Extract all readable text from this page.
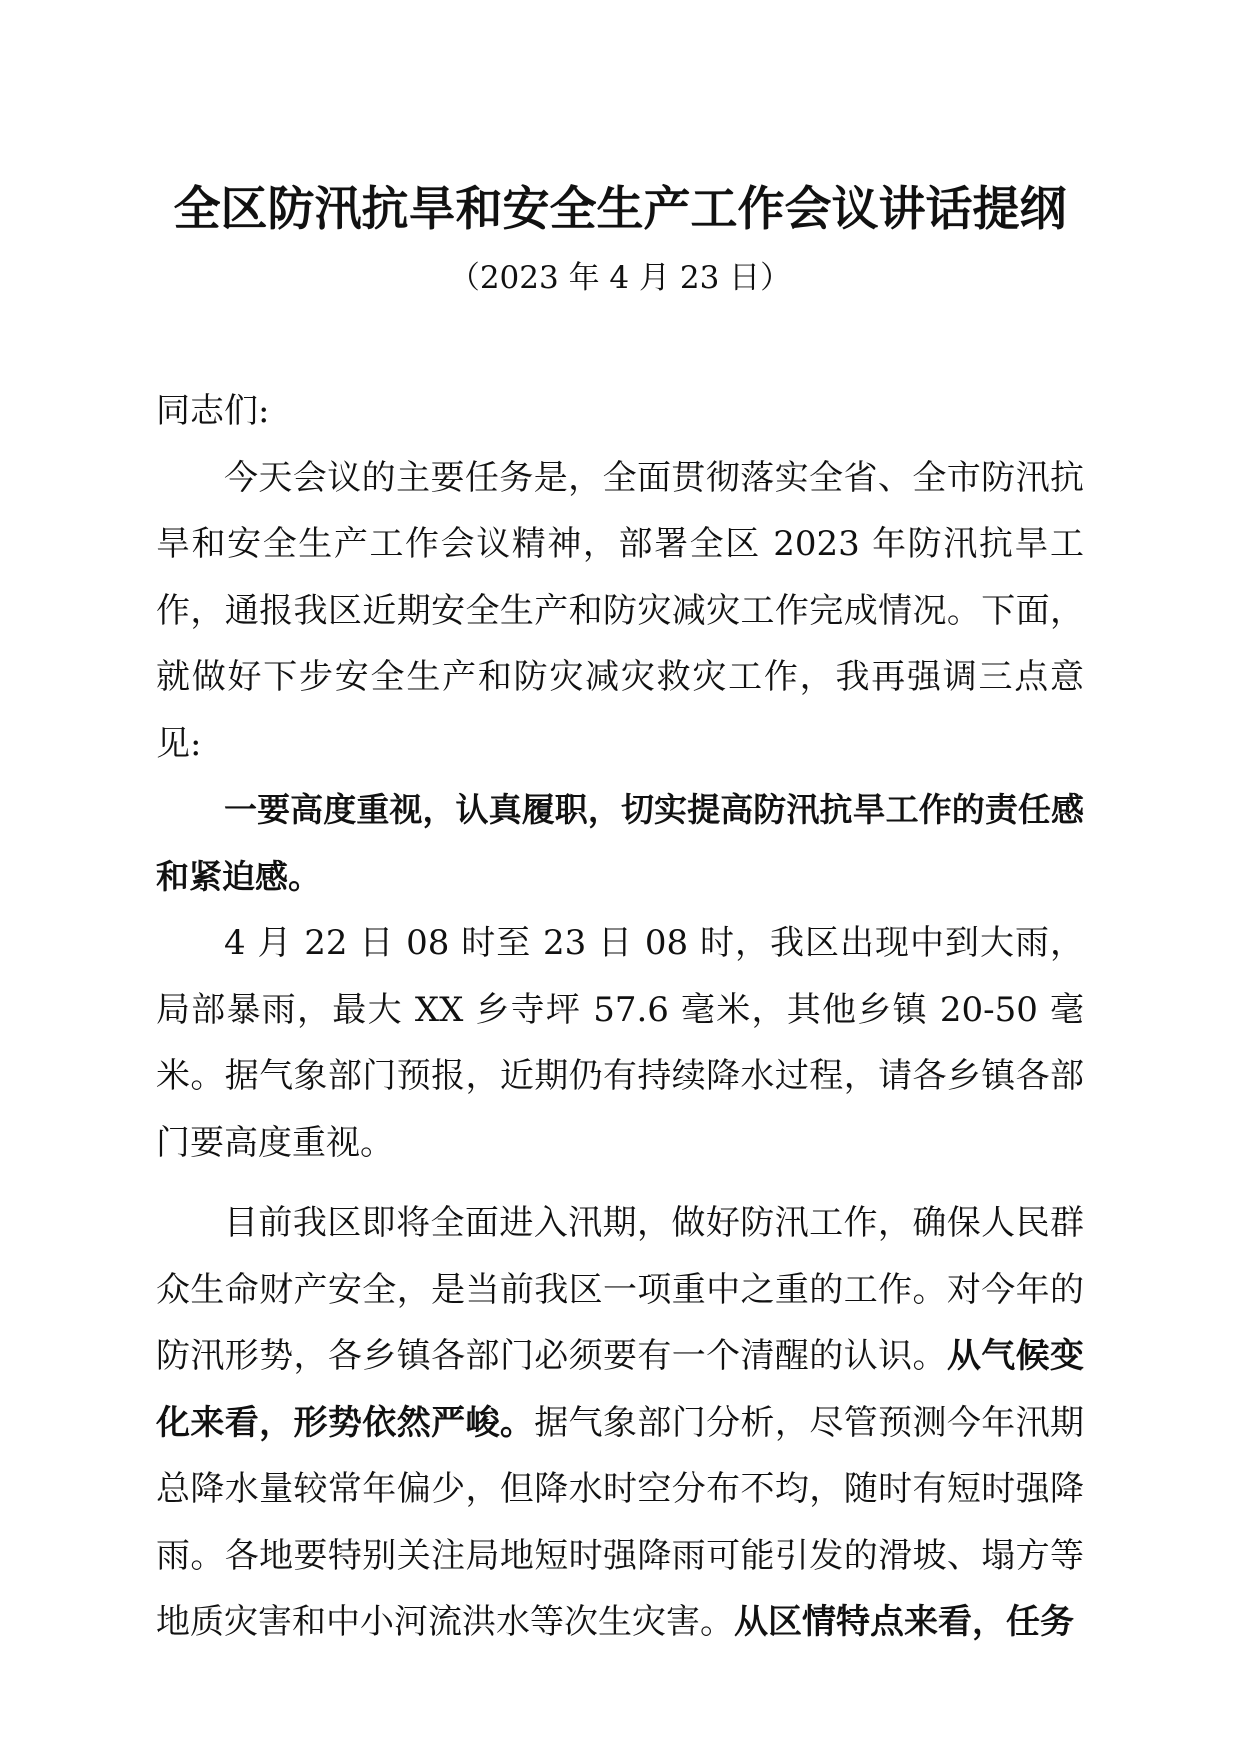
全区防汛抗旱和安全生产工作会议讲话提纲
（2023 年 4 月 23 日）

同志们:

今天会议的主要任务是，全面贯彻落实全省、全市防汛抗旱和安全生产工作会议精神，部署全区 2023 年防汛抗旱工作，通报我区近期安全生产和防灾减灾工作完成情况。下面，就做好下步安全生产和防灾减灾救灾工作，我再强调三点意见:

一要高度重视，认真履职，切实提高防汛抗旱工作的责任感和紧迫感。

4 月 22 日 08 时至 23 日 08 时，我区出现中到大雨，局部暴雨，最大 XX 乡寺坪 57.6 毫米，其他乡镇 20-50 毫米。据气象部门预报，近期仍有持续降水过程，请各乡镇各部门要高度重视。

目前我区即将全面进入汛期，做好防汛工作，确保人民群众生命财产安全，是当前我区一项重中之重的工作。对今年的防汛形势，各乡镇各部门必须要有一个清醒的认识。从气候变化来看，形势依然严峻。据气象部门分析，尽管预测今年汛期总降水量较常年偏少，但降水时空分布不均，随时有短时强降雨。各地要特别关注局地短时强降雨可能引发的滑坡、塌方等地质灾害和中小河流洪水等次生灾害。从区情特点来看，任务
